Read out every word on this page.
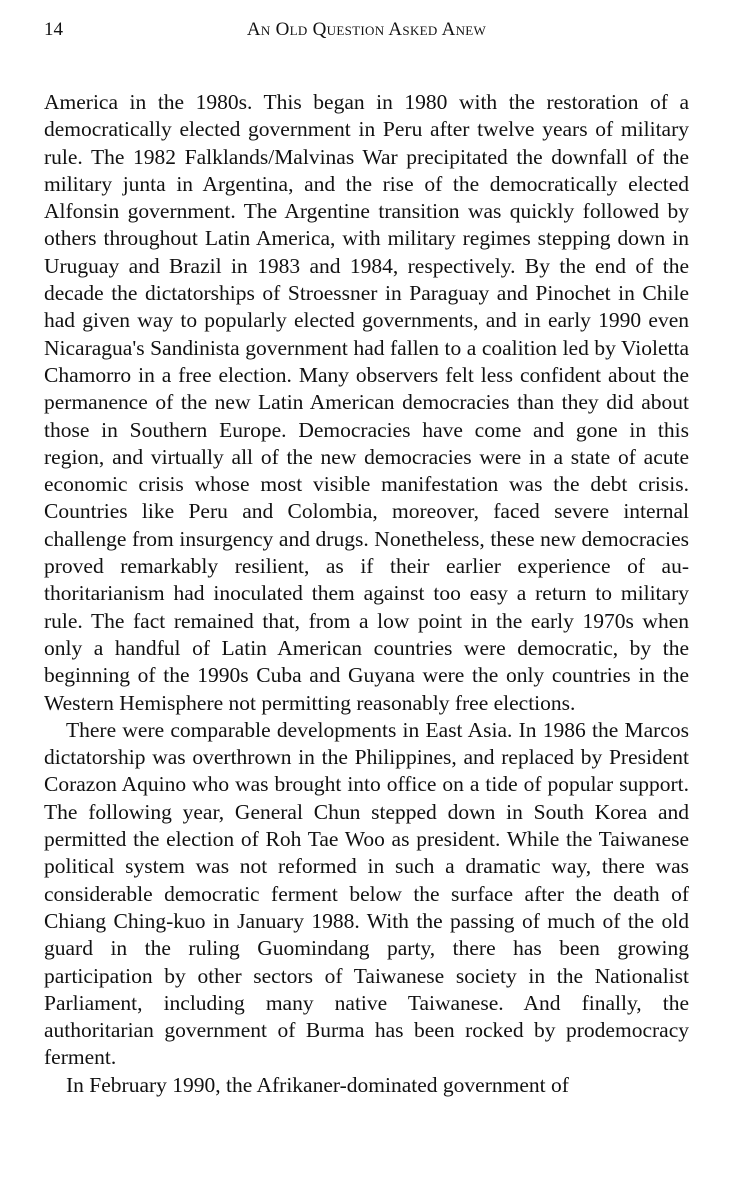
14	An Old Question Asked Anew

America in the 1980s. This began in 1980 with the restoration of a democratically elected government in Peru after twelve years of military rule. The 1982 Falklands/Malvinas War precipitated the downfall of the military junta in Argentina, and the rise of the democratically elected Alfonsin government. The Argentine transition was quickly followed by others throughout Latin America, with military regimes stepping down in Uruguay and Brazil in 1983 and 1984, respectively. By the end of the decade the dictatorships of Stroessner in Paraguay and Pinochet in Chile had given way to popularly elected governments, and in early 1990 even Nicaragua's Sandinista government had fallen to a coalition led by Violetta Chamorro in a free election. Many observers felt less confident about the permanence of the new Latin American democracies than they did about those in Southern Europe. Democracies have come and gone in this region, and virtually all of the new democracies were in a state of acute economic crisis whose most visible manifestation was the debt crisis. Countries like Peru and Colombia, moreover, faced severe internal challenge from insurgency and drugs. Nonetheless, these new democracies proved remarkably resilient, as if their earlier experience of authoritarianism had inoculated them against too easy a return to military rule. The fact remained that, from a low point in the early 1970s when only a handful of Latin American countries were democratic, by the beginning of the 1990s Cuba and Guyana were the only countries in the Western Hemisphere not permitting reasonably free elections.

There were comparable developments in East Asia. In 1986 the Marcos dictatorship was overthrown in the Philippines, and replaced by President Corazon Aquino who was brought into office on a tide of popular support. The following year, General Chun stepped down in South Korea and permitted the election of Roh Tae Woo as president. While the Taiwanese political system was not reformed in such a dramatic way, there was considerable democratic ferment below the surface after the death of Chiang Ching-kuo in January 1988. With the passing of much of the old guard in the ruling Guomindang party, there has been growing participation by other sectors of Taiwanese society in the Nationalist Parliament, including many native Taiwanese. And finally, the authoritarian government of Burma has been rocked by prodemocracy ferment.

In February 1990, the Afrikaner-dominated government of
